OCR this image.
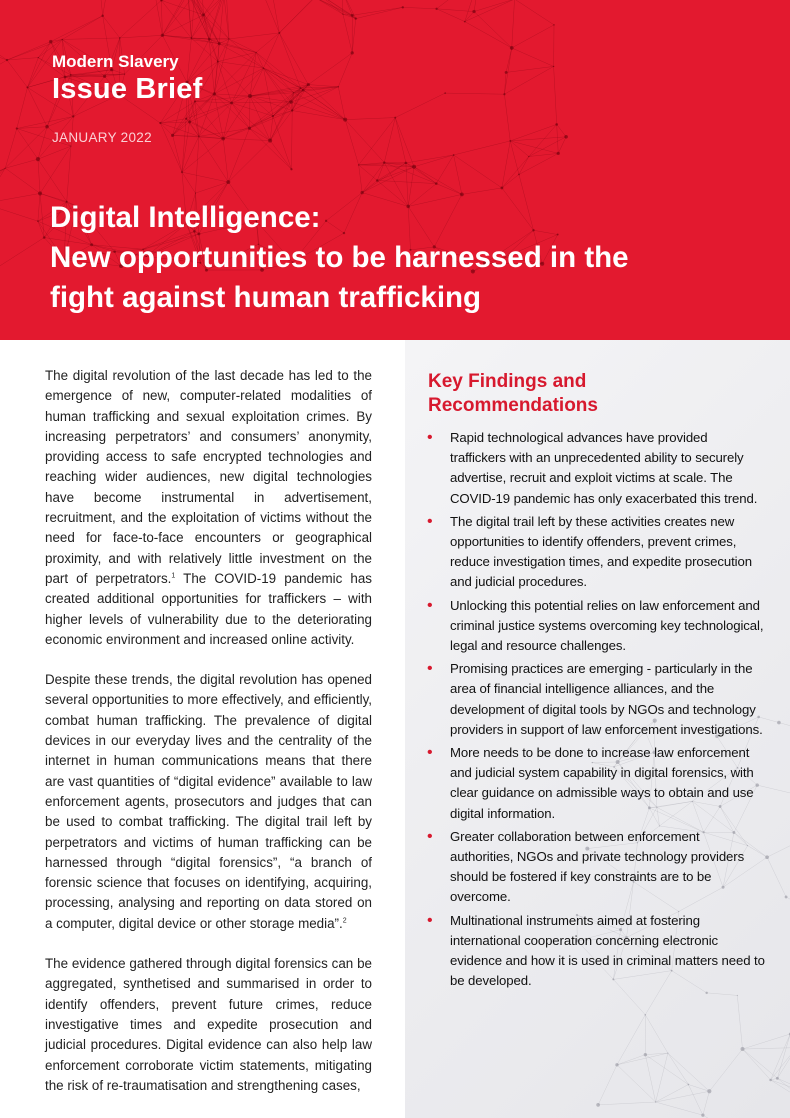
Modern Slavery
Issue Brief
JANUARY 2022
Digital Intelligence:
New opportunities to be harnessed in the
fight against human trafficking

The digital revolution of the last decade has led to the emergence of new, computer-related modalities of human trafficking and sexual exploitation crimes. By increasing perpetrators’ and consumers’ anonymity, providing access to safe encrypted technologies and reaching wider audiences, new digital technologies have become instrumental in advertisement, recruitment, and the exploitation of victims without the need for face-to-face encounters or geographical proximity, and with relatively little investment on the part of perpetrators.$^1$ The COVID-19 pandemic has created additional opportunities for traffickers – with higher levels of vulnerability due to the deteriorating economic environment and increased online activity.

Despite these trends, the digital revolution has opened several opportunities to more effectively, and efficiently, combat human trafficking. The prevalence of digital devices in our everyday lives and the centrality of the internet in human communications means that there are vast quantities of “digital evidence” available to law enforcement agents, prosecutors and judges that can be used to combat trafficking. The digital trail left by perpetrators and victims of human trafficking can be harnessed through “digital forensics”, “a branch of forensic science that focuses on identifying, acquiring, processing, analysing and reporting on data stored on a computer, digital device or other storage media”.$^2$

The evidence gathered through digital forensics can be aggregated, synthetised and summarised in order to identify offenders, prevent future crimes, reduce investigative times and expedite prosecution and judicial procedures. Digital evidence can also help law enforcement corroborate victim statements, mitigating the risk of re-traumatisation and strengthening cases,

Key Findings and
Recommendations
• Rapid technological advances have provided traffickers with an unprecedented ability to securely advertise, recruit and exploit victims at scale. The COVID-19 pandemic has only exacerbated this trend.
• The digital trail left by these activities creates new opportunities to identify offenders, prevent crimes, reduce investigation times, and expedite prosecution and judicial procedures.
• Unlocking this potential relies on law enforcement and criminal justice systems overcoming key technological, legal and resource challenges.
• Promising practices are emerging - particularly in the area of financial intelligence alliances, and the development of digital tools by NGOs and technology providers in support of law enforcement investigations.
• More needs to be done to increase law enforcement and judicial system capability in digital forensics, with clear guidance on admissible ways to obtain and use digital information.
• Greater collaboration between enforcement authorities, NGOs and private technology providers should be fostered if key constraints are to be overcome.
• Multinational instruments aimed at fostering international cooperation concerning electronic evidence and how it is used in criminal matters need to be developed.
